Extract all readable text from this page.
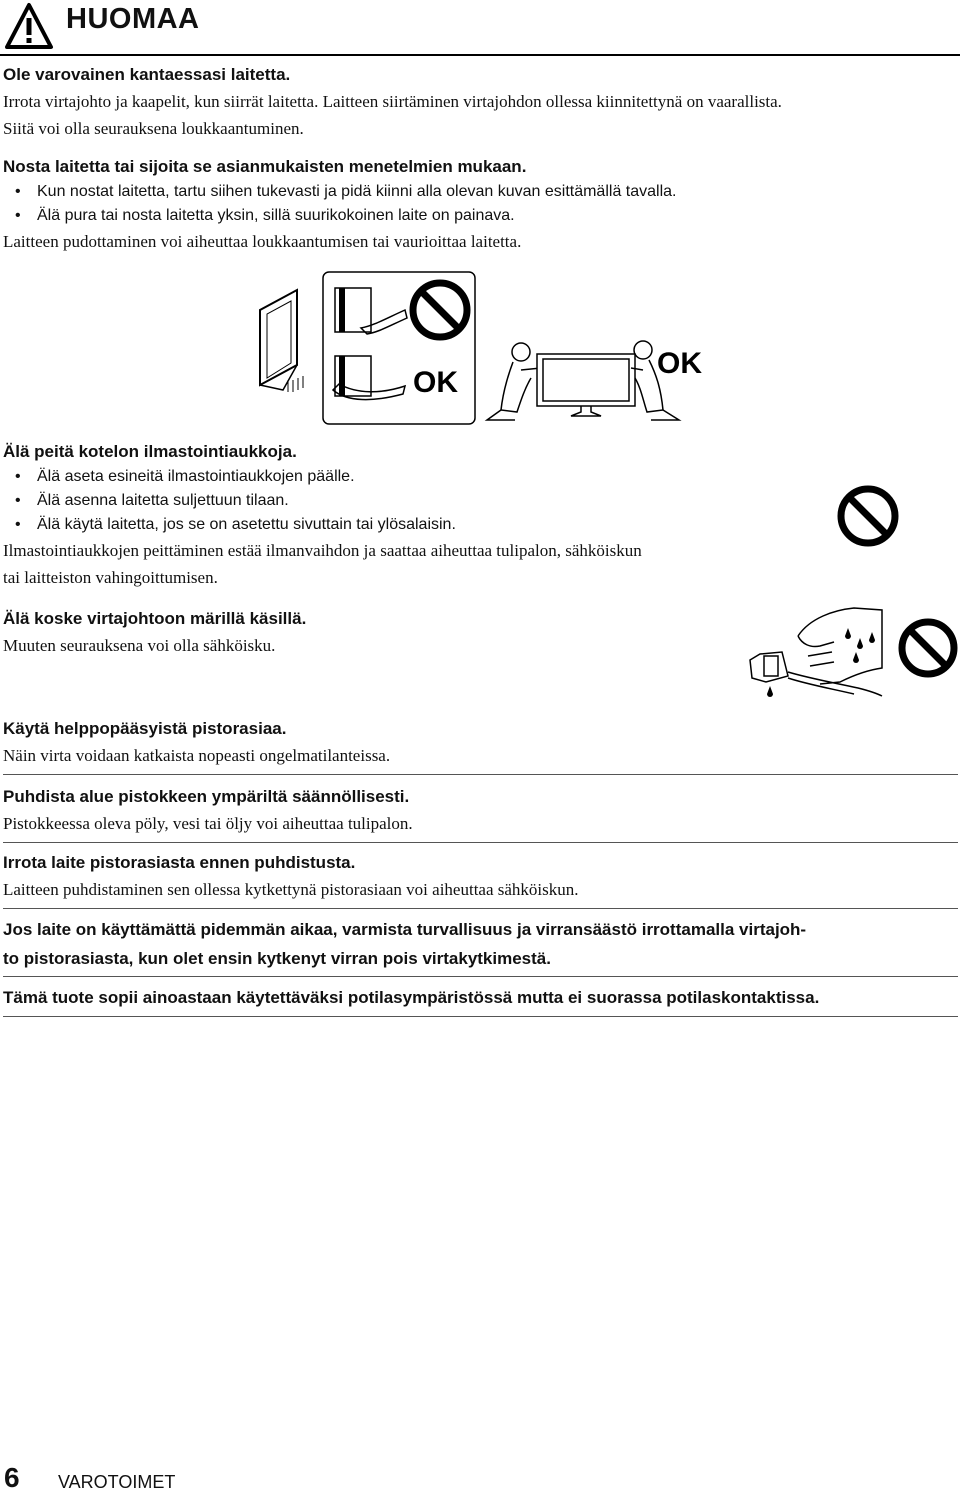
HUOMAA

Ole varovainen kantaessasi laitetta.

Irrota virtajohto ja kaapelit, kun siirrät laitetta. Laitteen siirtäminen virtajohdon ollessa kiinnitettynä on vaarallista.

Siitä voi olla seurauksena loukkaantuminen.

Nosta laitetta tai sijoita se asianmukaisten menetelmien mukaan.

• Kun nostat laitetta, tartu siihen tukevasti ja pidä kiinni alla olevan kuvan esittämällä tavalla.

• Älä pura tai nosta laitetta yksin, sillä suurikokoinen laite on painava.

Laitteen pudottaminen voi aiheuttaa loukkaantumisen tai vaurioittaa laitetta.

OK
OK

Älä peitä kotelon ilmastointiaukkoja.

• Älä aseta esineitä ilmastointiaukkojen päälle.

• Älä asenna laitetta suljettuun tilaan.

• Älä käytä laitetta, jos se on asetettu sivuttain tai ylösalaisin.

Ilmastointiaukkojen peittäminen estää ilmanvaihdon ja saattaa aiheuttaa tulipalon, sähköiskun

tai laitteiston vahingoittumisen.

Älä koske virtajohtoon märillä käsillä.

Muuten seurauksena voi olla sähköisku.

Käytä helppopääsyistä pistorasiaa.

Näin virta voidaan katkaista nopeasti ongelmatilanteissa.

Puhdista alue pistokkeen ympäriltä säännöllisesti.

Pistokkeessa oleva pöly, vesi tai öljy voi aiheuttaa tulipalon.

Irrota laite pistorasiasta ennen puhdistusta.

Laitteen puhdistaminen sen ollessa kytkettynä pistorasiaan voi aiheuttaa sähköiskun.

Jos laite on käyttämättä pidemmän aikaa, varmista turvallisuus ja virransäästö irrottamalla virtajoh-

to pistorasiasta, kun olet ensin kytkenyt virran pois virtakytkimestä.

Tämä tuote sopii ainoastaan käytettäväksi potilasympäristössä mutta ei suorassa potilaskontaktissa.

6 VAROTOIMET
